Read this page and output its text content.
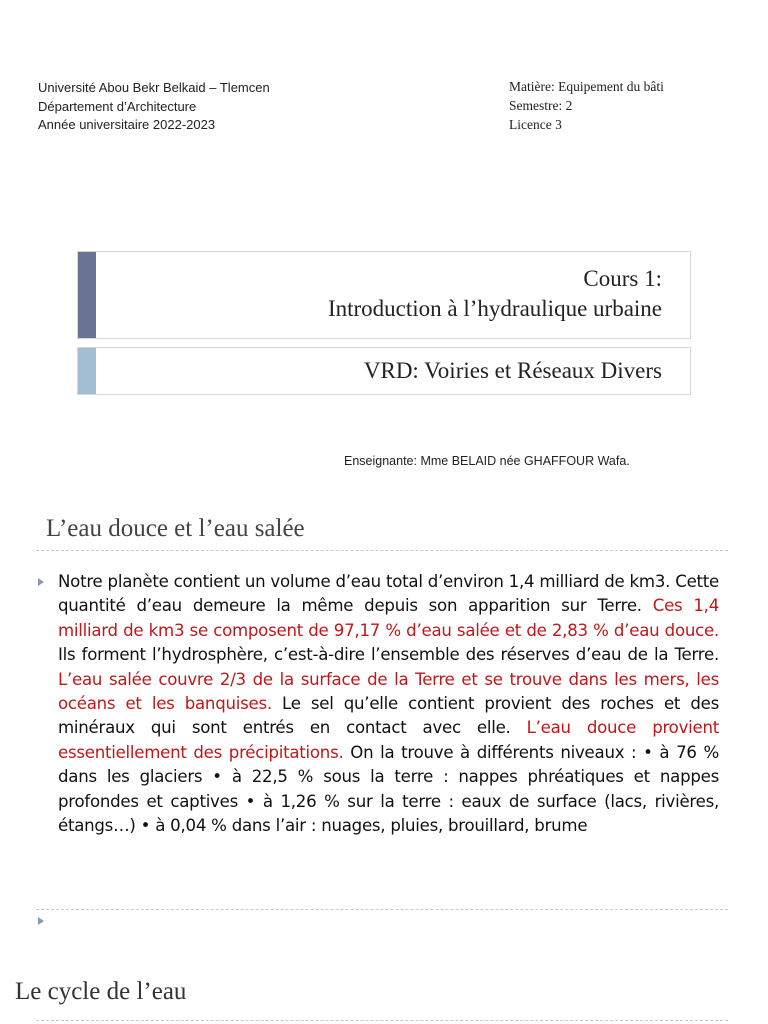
Université Abou Bekr Belkaid – Tlemcen
Département d’Architecture
Année universitaire 2022-2023
Matière: Equipement du bâti
Semestre: 2
Licence 3
Cours 1:
Introduction à l’hydraulique urbaine
VRD: Voiries et Réseaux Divers
Enseignante: Mme BELAID née GHAFFOUR Wafa.
L’eau douce et l’eau salée
Notre planète contient un volume d’eau total d’environ 1,4 milliard de km3. Cette quantité d’eau demeure la même depuis son apparition sur Terre. Ces 1,4 milliard de km3 se composent de 97,17 % d’eau salée et de 2,83 % d’eau douce. Ils forment l’hydrosphère, c’est-à-dire l’ensemble des réserves d’eau de la Terre. L’eau salée couvre 2/3 de la surface de la Terre et se trouve dans les mers, les océans et les banquises. Le sel qu’elle contient provient des roches et des minéraux qui sont entrés en contact avec elle. L’eau douce provient essentiellement des précipitations. On la trouve à différents niveaux : • à 76 % dans les glaciers • à 22,5 % sous la terre : nappes phréatiques et nappes profondes et captives • à 1,26 % sur la terre : eaux de surface (lacs, rivières, étangs…) • à 0,04 % dans l’air : nuages, pluies, brouillard, brume
Le cycle de l’eau
